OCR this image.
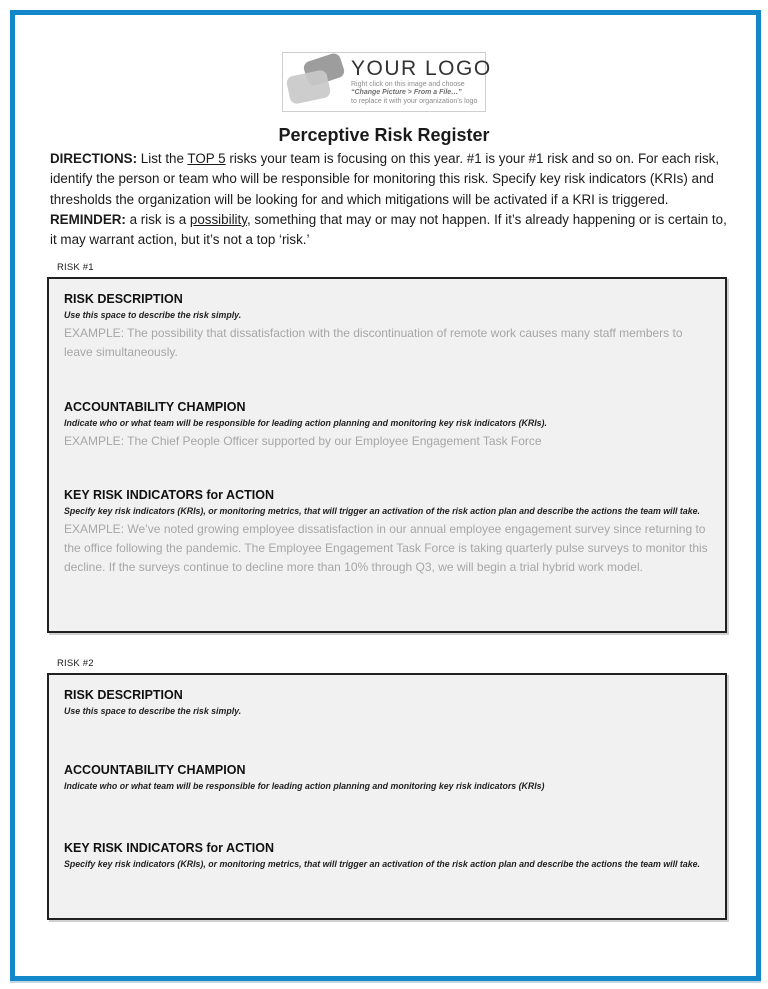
YOUR LOGO
Right click on this image and choose
“Change Picture > From a File…”
to replace it with your organization’s logo
Perceptive Risk Register

DIRECTIONS: List the TOP 5 risks your team is focusing on this year. #1 is your #1 risk and so on. For each risk, identify the person or team who will be responsible for monitoring this risk. Specify key risk indicators (KRIs) and thresholds the organization will be looking for and which mitigations will be activated if a KRI is triggered. REMINDER: a risk is a possibility, something that may or may not happen. If it’s already happening or is certain to, it may warrant action, but it’s not a top ‘risk.’

RISK #1
RISK DESCRIPTION
Use this space to describe the risk simply.
EXAMPLE: The possibility that dissatisfaction with the discontinuation of remote work causes many staff members to leave simultaneously.
ACCOUNTABILITY CHAMPION
Indicate who or what team will be responsible for leading action planning and monitoring key risk indicators (KRIs).
EXAMPLE: The Chief People Officer supported by our Employee Engagement Task Force
KEY RISK INDICATORS for ACTION
Specify key risk indicators (KRIs), or monitoring metrics, that will trigger an activation of the risk action plan and describe the actions the team will take.
EXAMPLE: We’ve noted growing employee dissatisfaction in our annual employee engagement survey since returning to the office following the pandemic. The Employee Engagement Task Force is taking quarterly pulse surveys to monitor this decline. If the surveys continue to decline more than 10% through Q3, we will begin a trial hybrid work model.
RISK #2
RISK DESCRIPTION
Use this space to describe the risk simply.
ACCOUNTABILITY CHAMPION
Indicate who or what team will be responsible for leading action planning and monitoring key risk indicators (KRIs)
KEY RISK INDICATORS for ACTION
Specify key risk indicators (KRIs), or monitoring metrics, that will trigger an activation of the risk action plan and describe the actions the team will take.
